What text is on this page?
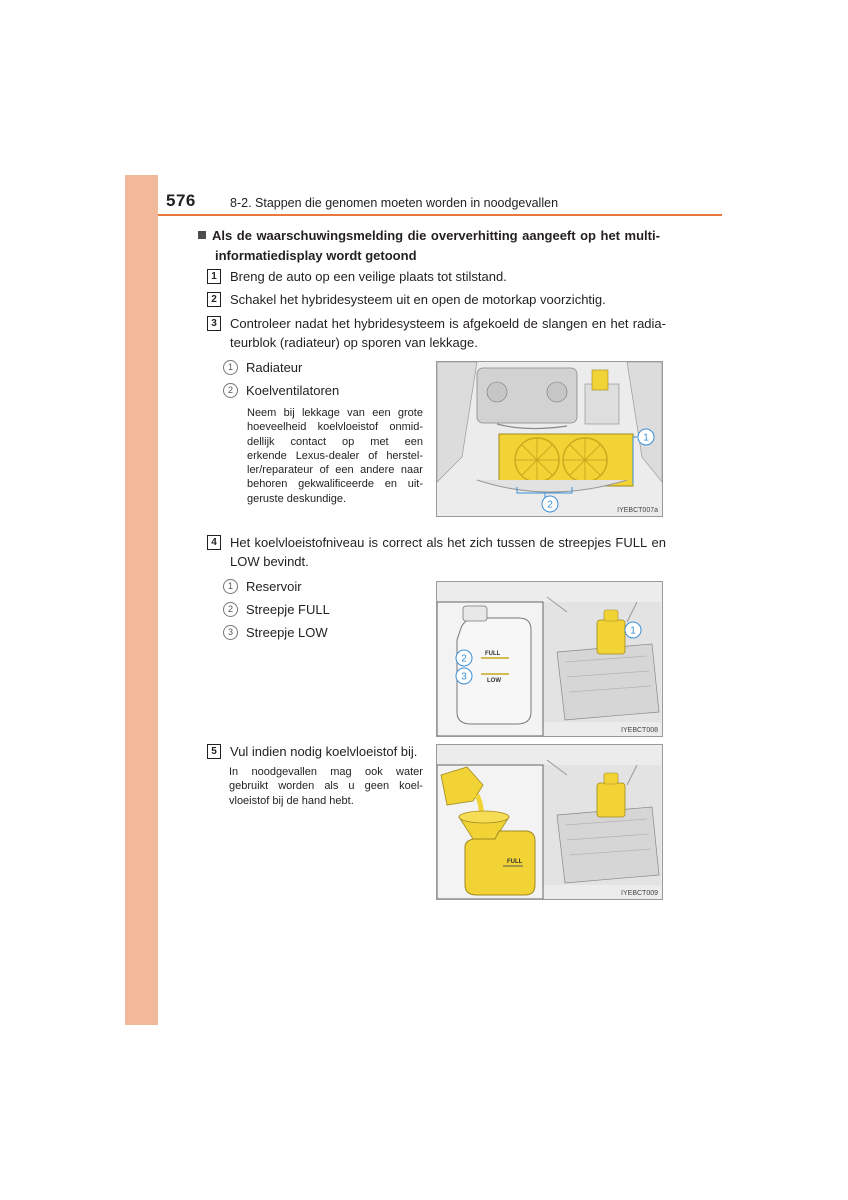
576	8-2. Stappen die genomen moeten worden in noodgevallen
Als de waarschuwingsmelding die oververhitting aangeeft op het multi-
informatiedisplay wordt getoond
1	Breng de auto op een veilige plaats tot stilstand.
2	Schakel het hybridesysteem uit en open de motorkap voorzichtig.
3	Controleer nadat het hybridesysteem is afgekoeld de slangen en het radia-
teurblok (radiateur) op sporen van lekkage.
1	Radiateur
2	Koelventilatoren
Neem bij lekkage van een grote
hoeveelheid koelvloeistof onmid-
dellijk contact op met een
erkende Lexus-dealer of herstel-
ler/reparateur of een andere naar
behoren gekwalificeerde en uit-
geruste deskundige.
1
2	IYEBCT007a
4	Het koelvloeistofniveau is correct als het zich tussen de streepjes FULL en
LOW bevindt.
1	Reservoir
2	Streepje FULL
3	Streepje LOW	1
FULL
LOW
2
3
IYEBCT008
5	Vul indien nodig koelvloeistof bij.
In noodgevallen mag ook water
gebruikt worden als u geen koel-
vloeistof bij de hand hebt.
FULL
IYEBCT009
